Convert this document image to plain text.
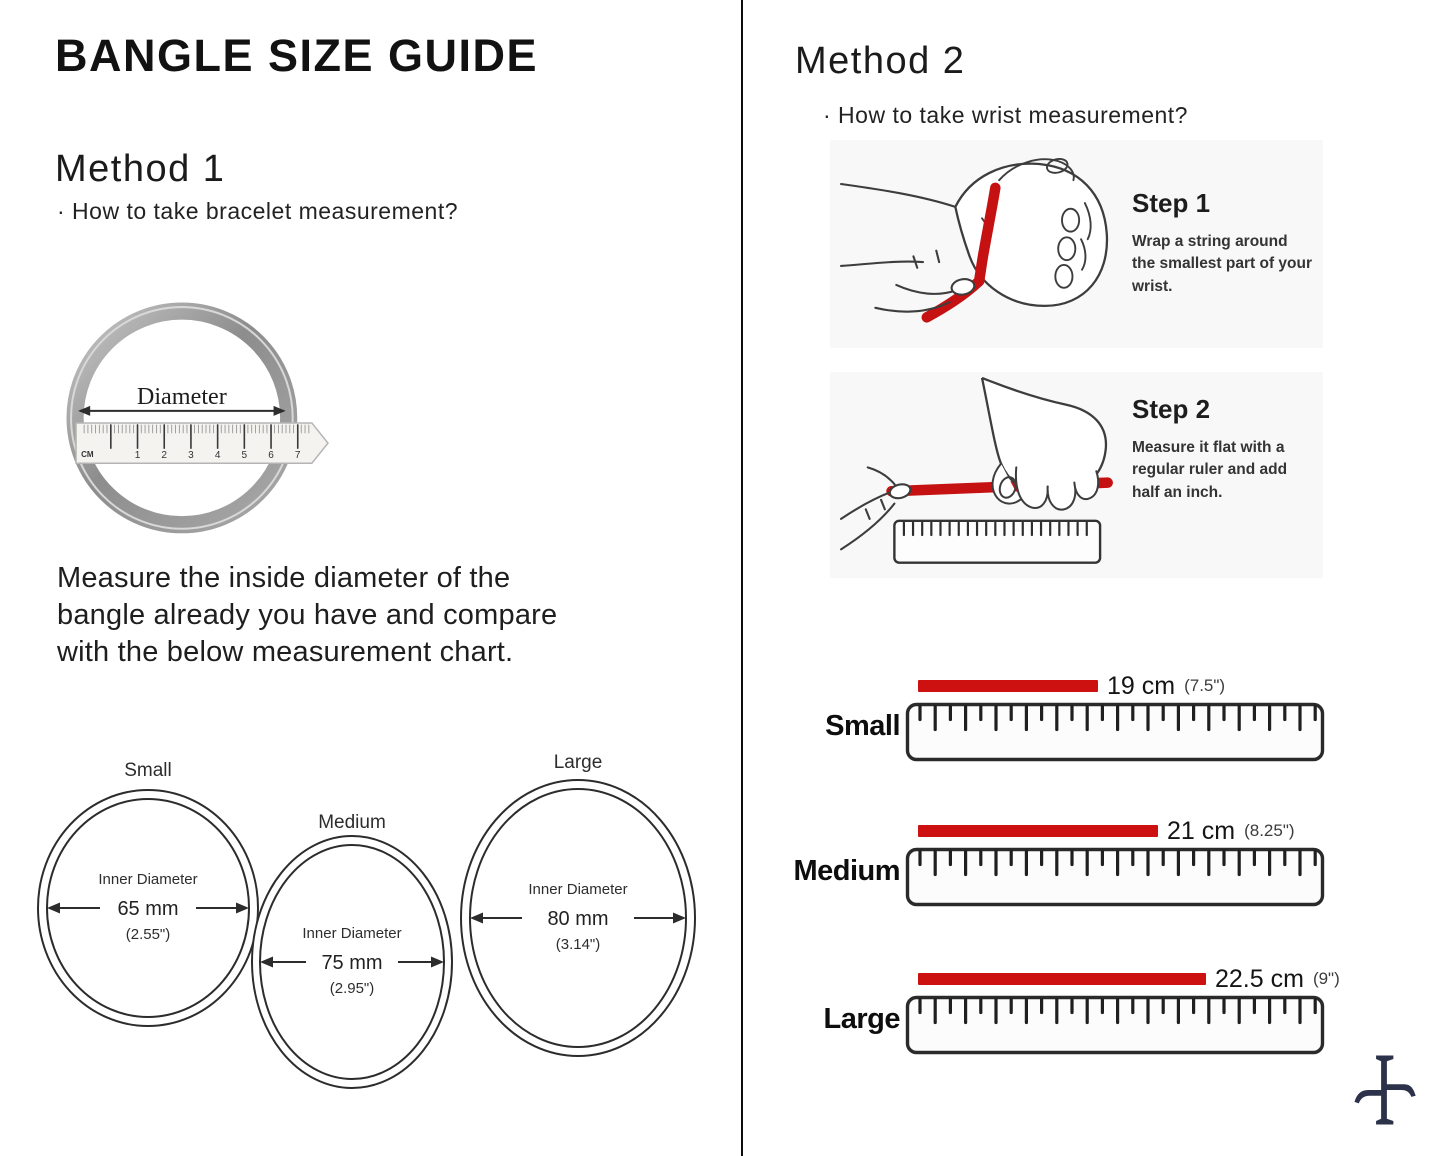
BANGLE SIZE GUIDE
Method 1

· How to take bracelet measurement?

Diameter
CM	1 2 3 4 5 6 7

Measure the inside diameter of the bangle already you have and compare with the below measurement chart.

Small
Inner Diameter
65 mm
(2.55")
Medium
Inner Diameter
75 mm
(2.95")
Large
Inner Diameter
80 mm
(3.14")
Method 2

· How to take wrist measurement?

Step 1

Wrap a string around the smallest part of your wrist.

Step 2

Measure it flat with a regular ruler and add half an inch.

Small
19 cm (7.5")
Medium
21 cm (8.25")
Large
22.5 cm (9")
